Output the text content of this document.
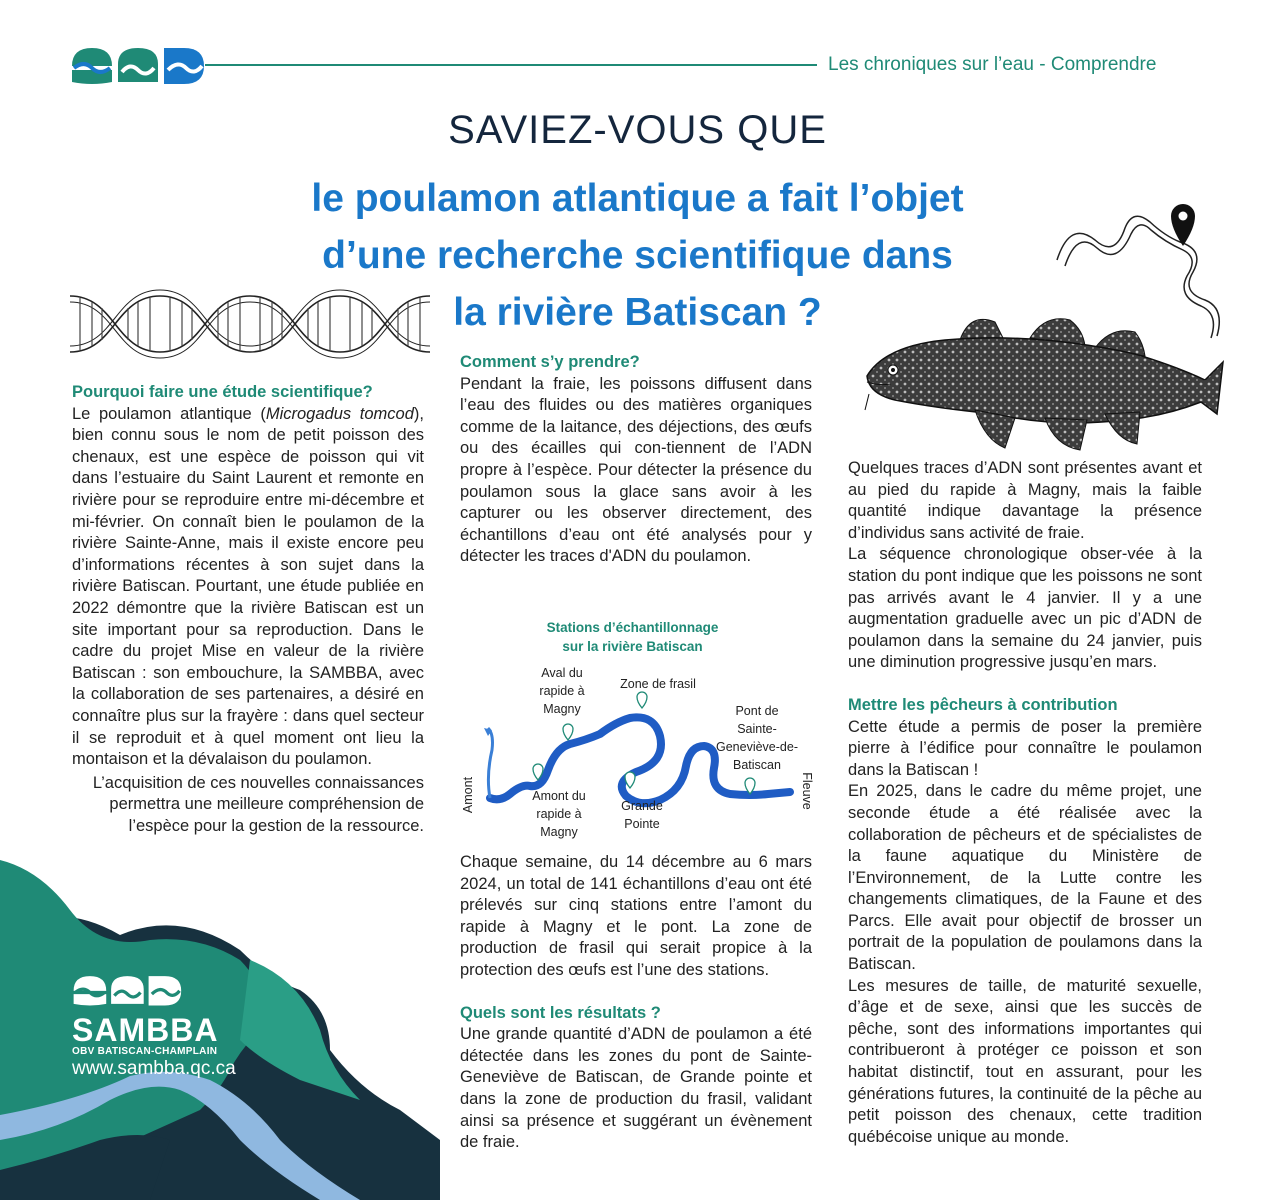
Les chroniques sur l’eau - Comprendre
SAVIEZ-VOUS QUE
le poulamon atlantique a fait l’objet
d’une recherche scientifique dans
la rivière Batiscan ?

Pourquoi faire une étude scientifique?

Le poulamon atlantique (Microgadus tomcod), bien connu sous le nom de petit poisson des chenaux, est une espèce de poisson qui vit dans l’estuaire du Saint Laurent et remonte en rivière pour se reproduire entre mi-décembre et mi-février. On connaît bien le poulamon de la rivière Sainte-Anne, mais il existe encore peu d’informations récentes à son sujet dans la rivière Batiscan. Pourtant, une étude publiée en 2022 démontre que la rivière Batiscan est un site important pour sa reproduction. Dans le cadre du projet Mise en valeur de la rivière Batiscan : son embouchure, la SAMBBA, avec la collaboration de ses partenaires, a désiré en connaître plus sur la frayère : dans quel secteur il se reproduit et à quel moment ont lieu la montaison et la dévalaison du poulamon.

L’acquisition de ces nouvelles connaissances permettra une meilleure compréhension de l’espèce pour la gestion de la ressource.

Comment s’y prendre?

Pendant la fraie, les poissons diffusent dans l’eau des fluides ou des matières organiques comme de la laitance, des déjections, des œufs ou des écailles qui con-tiennent de l’ADN propre à l’espèce. Pour détecter la présence du poulamon sous la glace sans avoir à les capturer ou les observer directement, des échantillons d’eau ont été analysés pour y détecter les traces d'ADN du poulamon.

Stations d’échantillonnage
sur la rivière Batiscan
Aval du rapide à Magny
Zone de frasil
Pont de Sainte-Geneviève-de-Batiscan
Amont du rapide à Magny
Grande Pointe
Amont	Fleuve

Chaque semaine, du 14 décembre au 6 mars 2024, un total de 141 échantillons d’eau ont été prélevés sur cinq stations entre l’amont du rapide à Magny et le pont. La zone de production de frasil qui serait propice à la protection des œufs est l’une des stations.

Quels sont les résultats ?

Une grande quantité d’ADN de poulamon a été détectée dans les zones du pont de Sainte-Geneviève de Batiscan, de Grande pointe et dans la zone de production du frasil, validant ainsi sa présence et suggérant un évènement de fraie.

Quelques traces d’ADN sont présentes avant et au pied du rapide à Magny, mais la faible quantité indique davantage la présence d’individus sans activité de fraie.

La séquence chronologique obser-vée à la station du pont indique que les poissons ne sont pas arrivés avant le 4 janvier. Il y a une augmentation graduelle avec un pic d’ADN de poulamon dans la semaine du 24 janvier, puis une diminution progressive jusqu’en mars.

Mettre les pêcheurs à contribution

Cette étude a permis de poser la première pierre à l’édifice pour connaître le poulamon dans la Batiscan !

En 2025, dans le cadre du même projet, une seconde étude a été réalisée avec la collaboration de pêcheurs et de spécialistes de la faune aquatique du Ministère de l’Environnement, de la Lutte contre les changements climatiques, de la Faune et des Parcs. Elle avait pour objectif de brosser un portrait de la population de poulamons dans la Batiscan.

Les mesures de taille, de maturité sexuelle, d’âge et de sexe, ainsi que les succès de pêche, sont des informations importantes qui contribueront à protéger ce poisson et son habitat distinctif, tout en assurant, pour les générations futures, la continuité de la pêche au petit poisson des chenaux, cette tradition québécoise unique au monde.

SAMBBA
OBV BATISCAN-CHAMPLAIN
www.sambba.qc.ca
